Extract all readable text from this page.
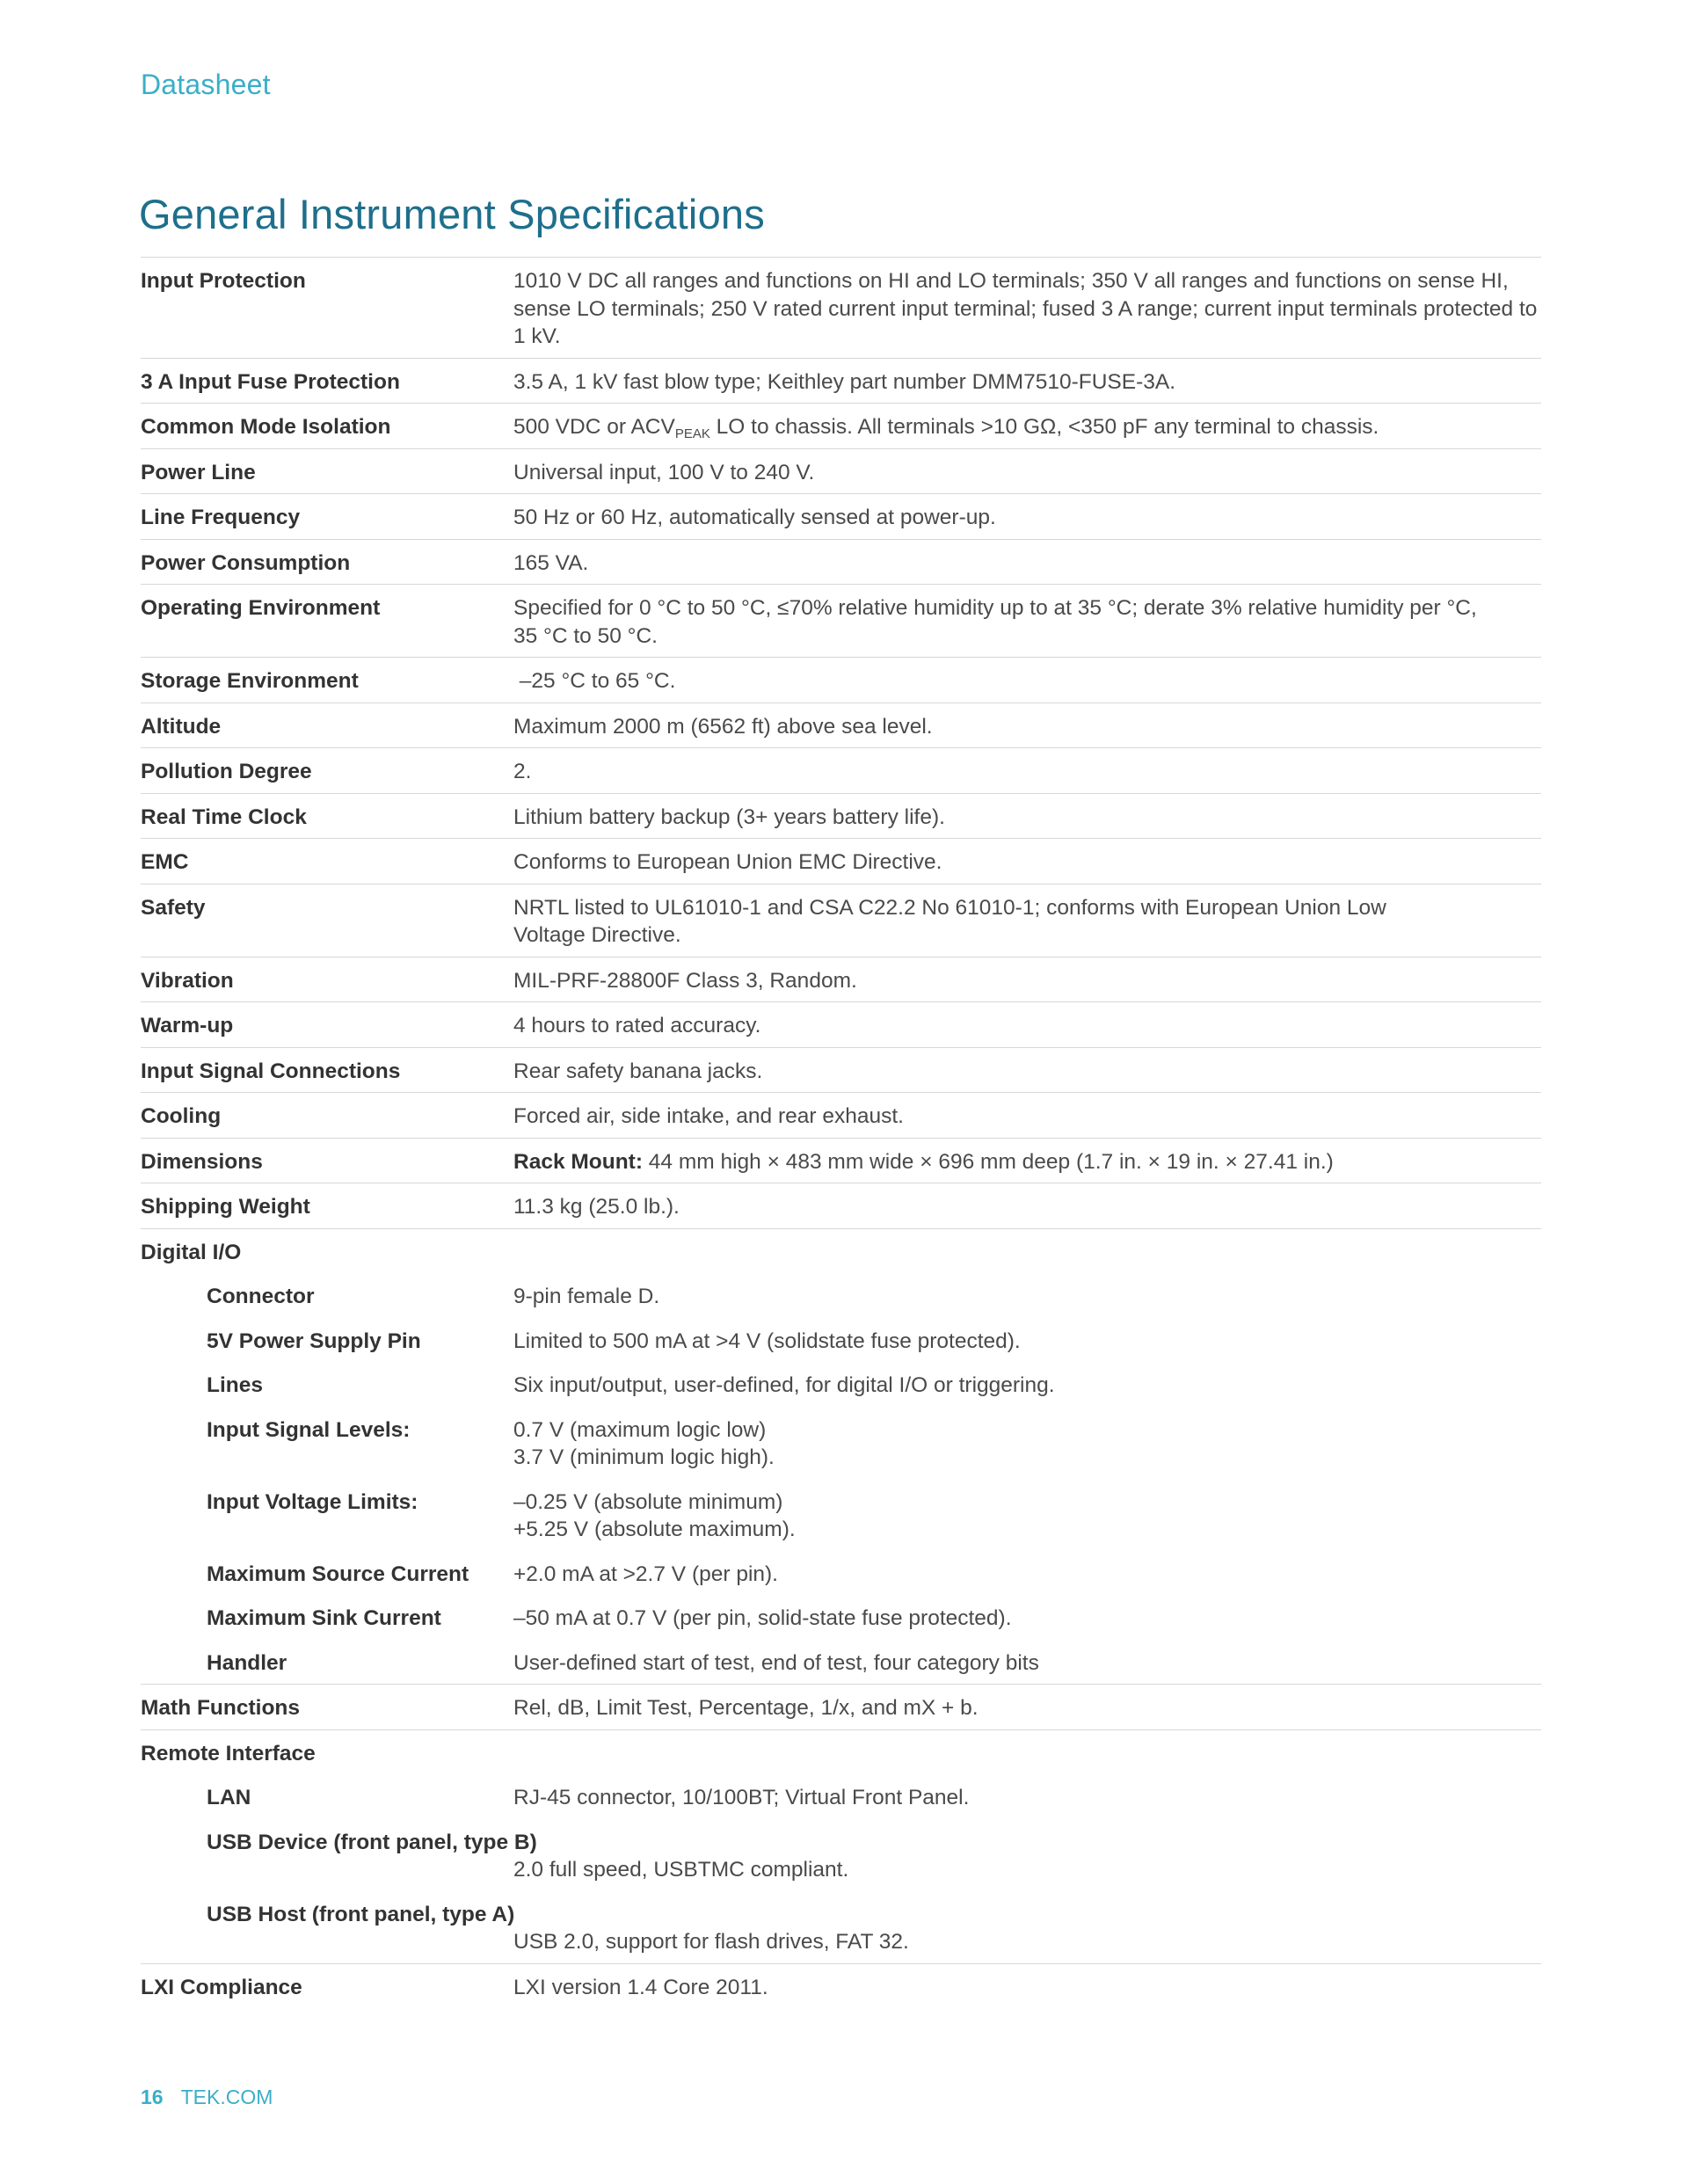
Datasheet
General Instrument Specifications
Input Protection	1010 V DC all ranges and functions on HI and LO terminals; 350 V all ranges and functions on sense HI, sense LO terminals; 250 V rated current input terminal; fused 3 A range; current input terminals protected to 1 kV.
3 A Input Fuse Protection	3.5 A, 1 kV fast blow type; Keithley part number DMM7510-FUSE-3A.
Common Mode Isolation	500 VDC or $ACV_{PEAK}$ LO to chassis. All terminals >10 GΩ, <350 pF any terminal to chassis.
Power Line	Universal input, 100 V to 240 V.
Line Frequency	50 Hz or 60 Hz, automatically sensed at power-up.
Power Consumption	165 VA.
Operating Environment	Specified for 0 °C to 50 °C, ≤70% relative humidity up to at 35 °C; derate 3% relative humidity per °C,
35 °C to 50 °C.
Storage Environment	–25 °C to 65 °C.
Altitude	Maximum 2000 m (6562 ft) above sea level.
Pollution Degree	2.
Real Time Clock	Lithium battery backup (3+ years battery life).
EMC	Conforms to European Union EMC Directive.
Safety	NRTL listed to UL61010-1 and CSA C22.2 No 61010-1; conforms with European Union Low
Voltage Directive.
Vibration	MIL-PRF-28800F Class 3, Random.
Warm-up	4 hours to rated accuracy.
Input Signal Connections	Rear safety banana jacks.
Cooling	Forced air, side intake, and rear exhaust.
Dimensions	Rack Mount: 44 mm high × 483 mm wide × 696 mm deep (1.7 in. × 19 in. × 27.41 in.)
Shipping Weight	11.3 kg (25.0 lb.).
Digital I/O
Connector	9-pin female D.
5V Power Supply Pin	Limited to 500 mA at >4 V (solidstate fuse protected).
Lines	Six input/output, user-defined, for digital I/O or triggering.
Input Signal Levels:	0.7 V (maximum logic low)
3.7 V (minimum logic high).
Input Voltage Limits:	–0.25 V (absolute minimum)
+5.25 V (absolute maximum).
Maximum Source Current	+2.0 mA at >2.7 V (per pin).
Maximum Sink Current	–50 mA at 0.7 V (per pin, solid-state fuse protected).
Handler	User-defined start of test, end of test, four category bits
Math Functions	Rel, dB, Limit Test, Percentage, 1/x, and mX + b.
Remote Interface
LAN	RJ-45 connector, 10/100BT; Virtual Front Panel.
USB Device (front panel, type B)
2.0 full speed, USBTMC compliant.
USB Host (front panel, type A)
USB 2.0, support for flash drives, FAT 32.
LXI Compliance	LXI version 1.4 Core 2011.
16 TEK.COM
